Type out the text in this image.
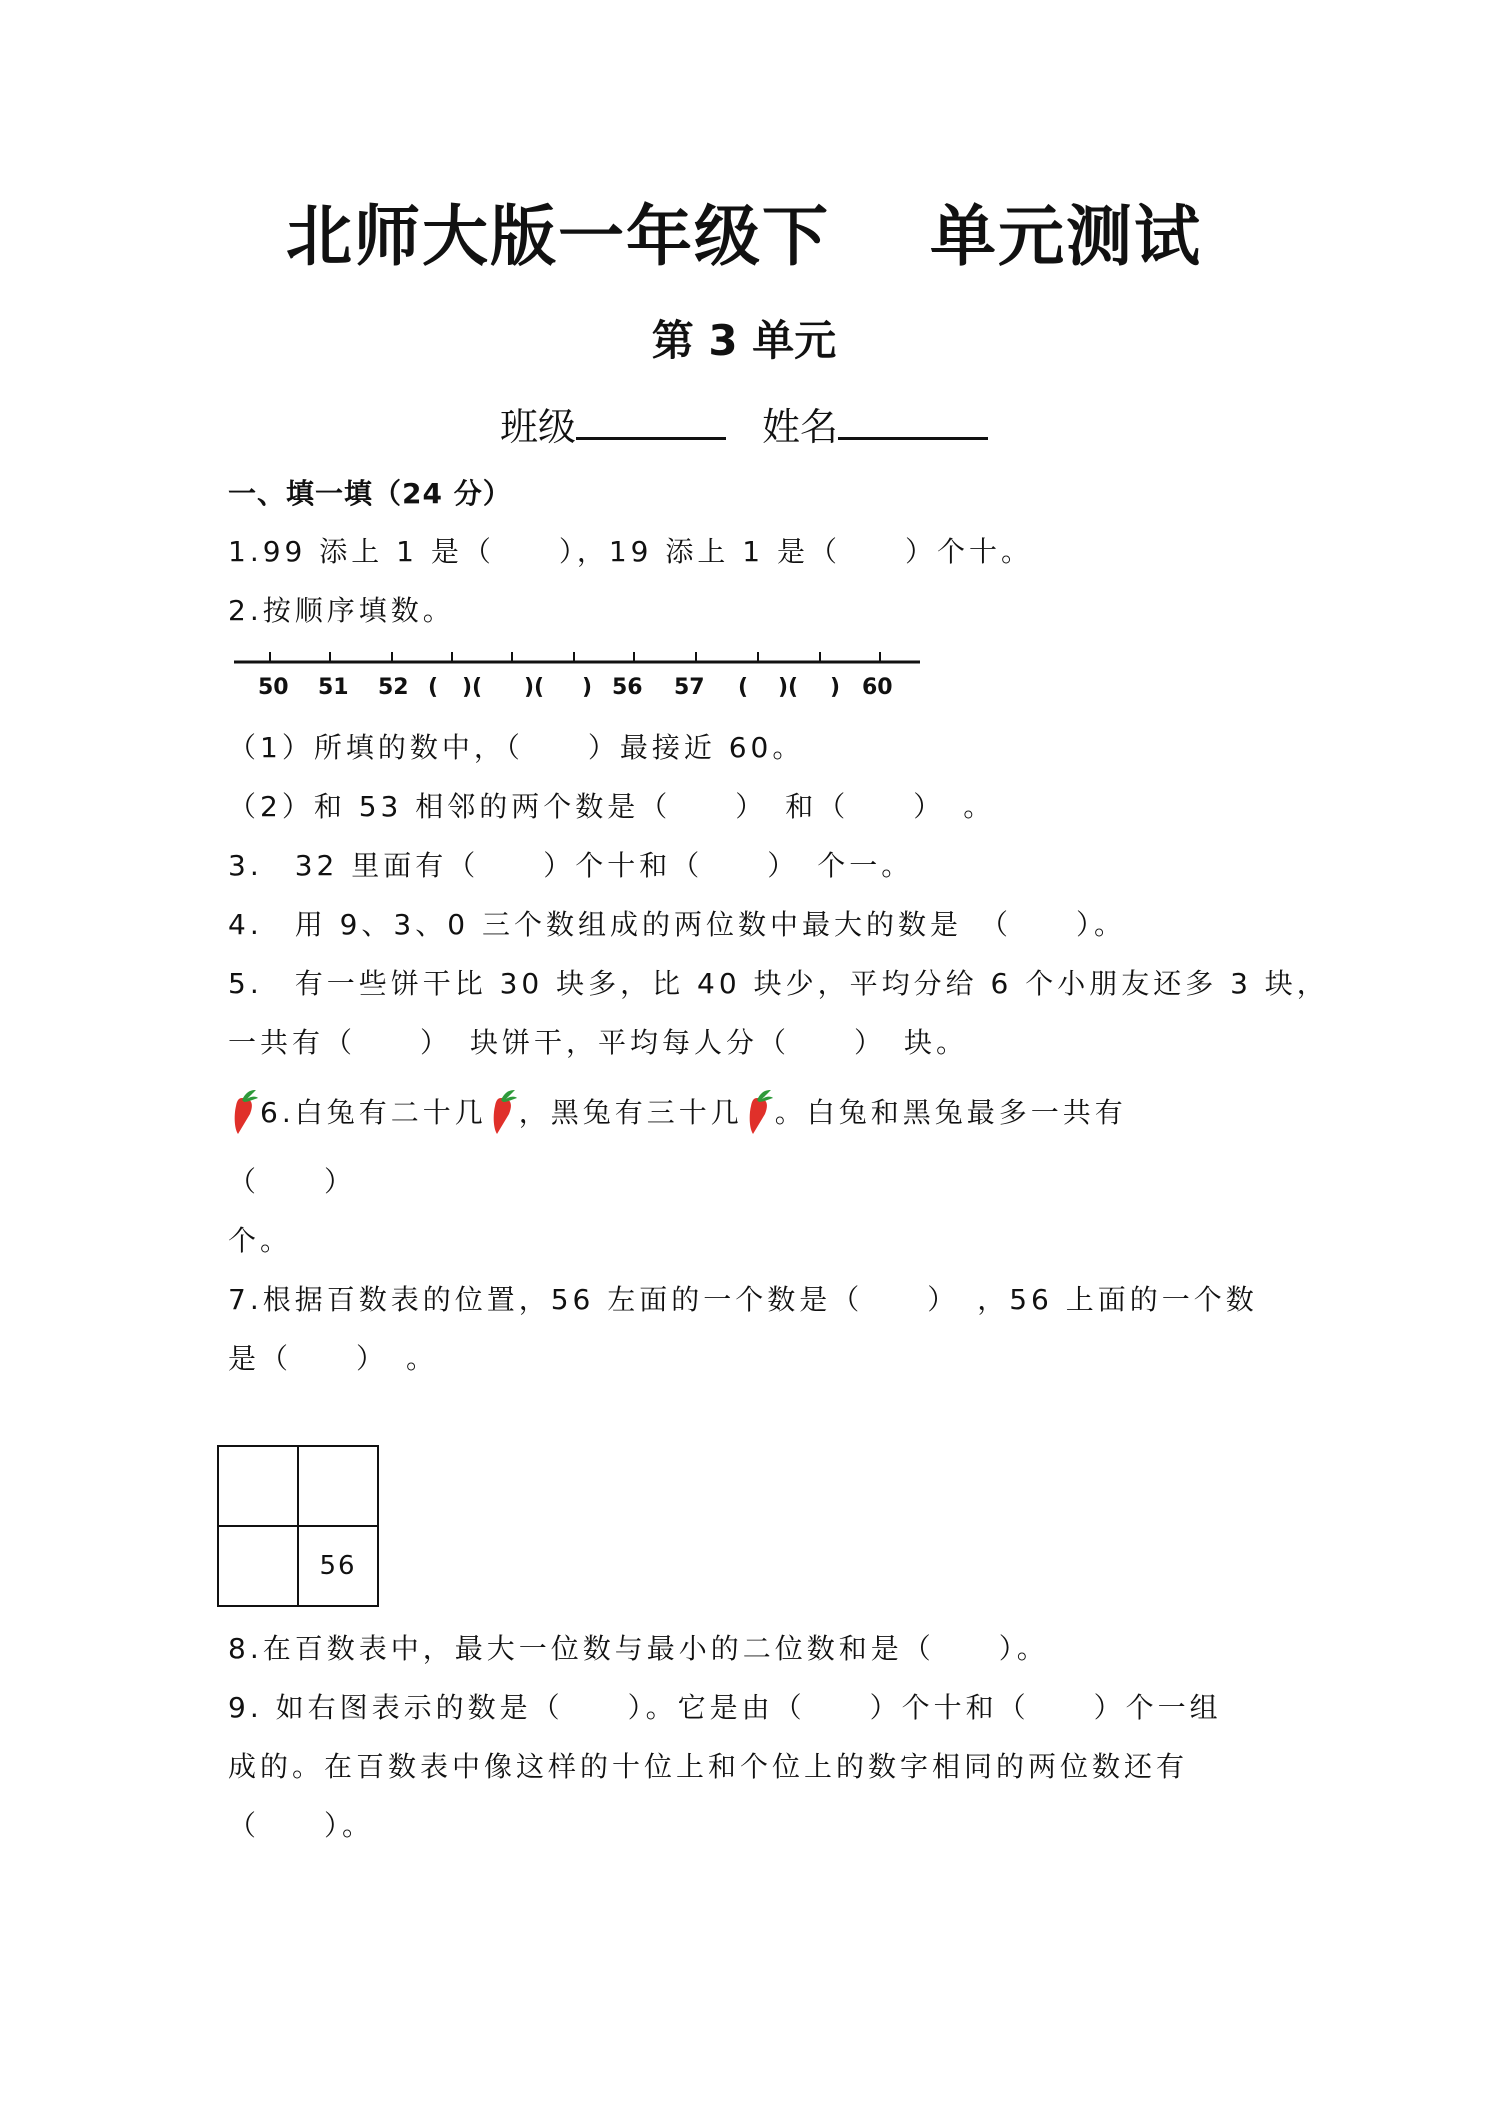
北师大版一年级下 单元测试
第 3 单元
班级	姓名
一、填一填（24 分）
1.99 添上 1 是（　　），19 添上 1 是（　　）个十。
2.按顺序填数。
50 51 52 ( )( )( ) 56 57 ( )( ) 60
（1）所填的数中，（　　）最接近 60。
（2）和 53 相邻的两个数是（　　）　和（　　）　。
3.　32 里面有（　　）个十和（　　）　个一。
4.　用 9、3、0 三个数组成的两位数中最大的数是　（　　）。
5.　有一些饼干比 30 块多，比 40 块少，平均分给 6 个小朋友还多 3 块，
一共有（　　）　块饼干，平均每人分（　　）　块。
6.白兔有二十几 ，黑兔有三十几 。白兔和黑兔最多一共有
（　　）
个。
7.根据百数表的位置，56 左面的一个数是（　　）　，56 上面的一个数
是（　　）　。

	56
8.在百数表中，最大一位数与最小的二位数和是（　　）。
9. 如右图表示的数是（　　）。它是由（　　）个十和（　　）个一组
成的。在百数表中像这样的十位上和个位上的数字相同的两位数还有
（　　）。
